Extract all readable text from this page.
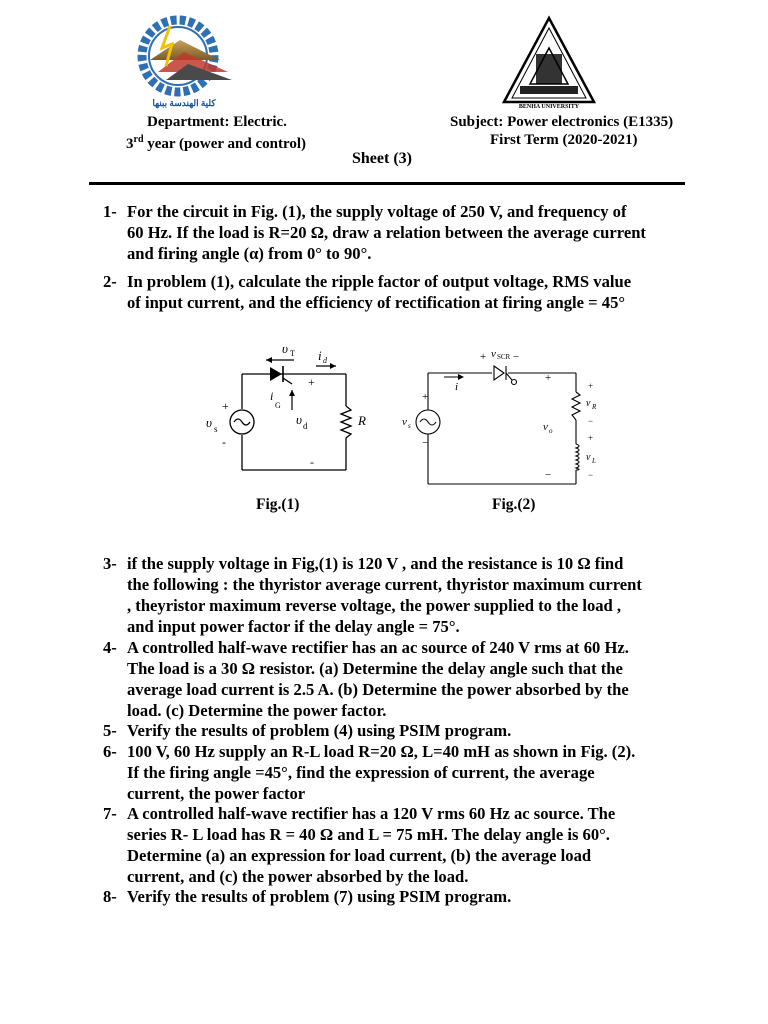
كلية الهندسة ببنها	BENHA UNIVERSITY
Department: Electric.
3rd year (power and control)
Subject: Power electronics (E1335)
First Term (2020-2021)
Sheet (3)
1- For the circuit in Fig. (1), the supply voltage of 250 V, and frequency of
60 Hz. If the load is R=20 Ω, draw a relation between the average current
and firing angle (α) from 0° to 90°.
2- In problem (1), calculate the ripple factor of output voltage, RMS value
of input current, and the efficiency of rectification at firing angle = 45°
υ T i d
i
G
+
-
+
υ s
-
υ d	R
+ v SCR −
i
+
−
+
v s
−
v o
+
v R
−
+
v L
−
Fig.(1)	Fig.(2)
3- if the supply voltage in Fig,(1) is 120 V , and the resistance is 10 Ω find
the following : the thyristor average current, thyristor maximum current
, theyristor maximum reverse voltage, the power supplied to the load ,
and input power factor if the delay angle = 75°.
4- A controlled half-wave rectifier has an ac source of 240 V rms at 60 Hz.
The load is a 30 Ω resistor. (a) Determine the delay angle such that the
average load current is 2.5 A. (b) Determine the power absorbed by the
load. (c) Determine the power factor.
5- Verify the results of problem (4) using PSIM program.
6- 100 V, 60 Hz supply an R-L load R=20 Ω, L=40 mH as shown in Fig. (2).
If the firing angle =45°, find the expression of current, the average
current, the power factor
7- A controlled half-wave rectifier has a 120 V rms 60 Hz ac source. The
series R- L load has R = 40 Ω and L = 75 mH. The delay angle is 60°.
Determine (a) an expression for load current, (b) the average load
current, and (c) the power absorbed by the load.
8- Verify the results of problem (7) using PSIM program.
